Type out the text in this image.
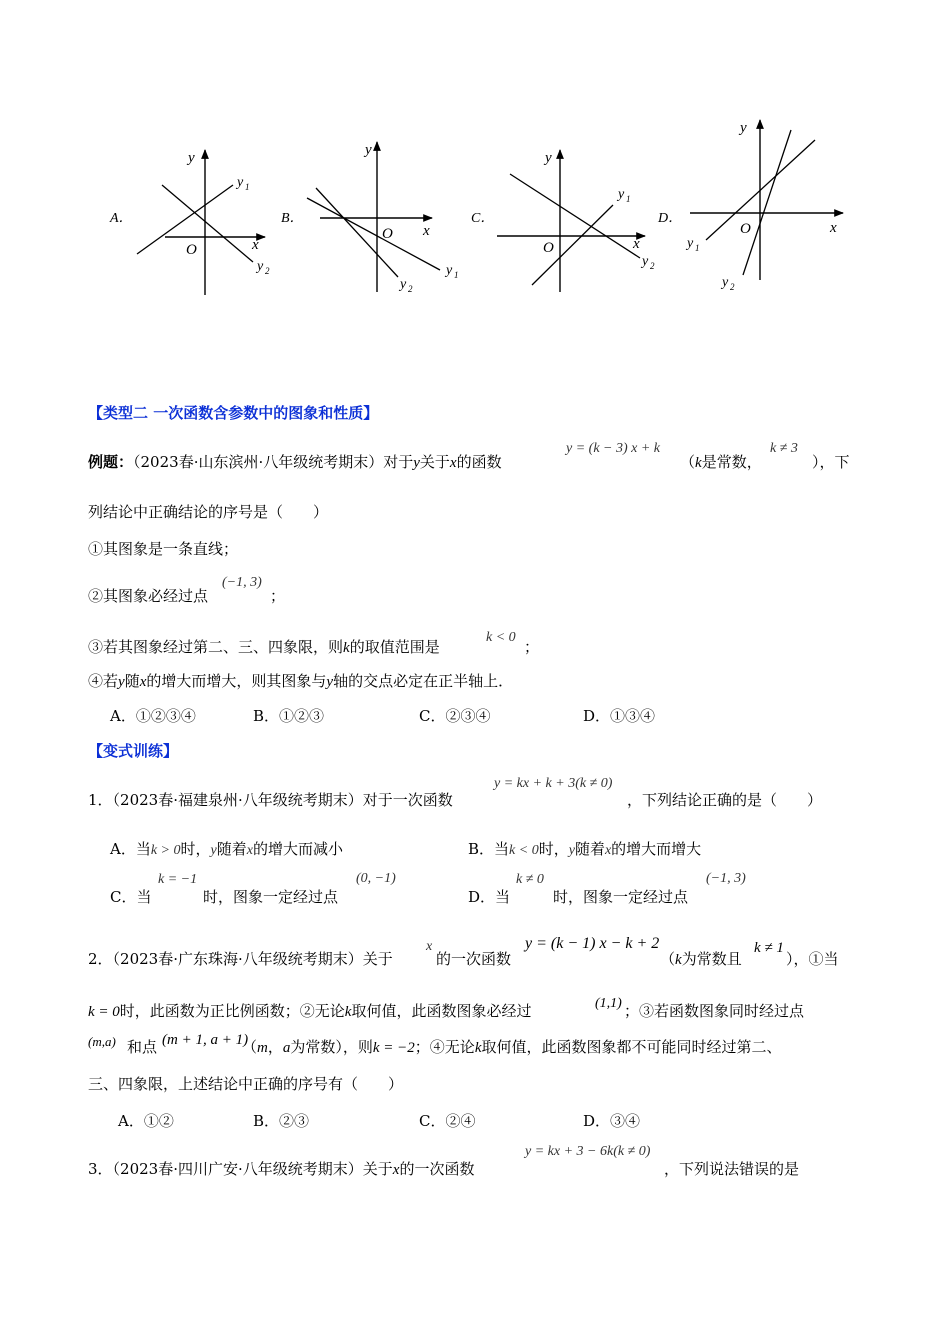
A．
y
O	x
y 1
y 2
B．
y
O x
y 1
y 2
C．
y
O	x
y 1
y 2
D．
y
O	x
y 1
y 2
【类型二 一次函数含参数中的图象和性质】
例题：（2023春·山东滨州·八年级统考期末）对于y关于x的函数
y = (k − 3) x + k
（k是常数，
k ≠ 3
），下
列结论中正确结论的序号是（　　）
①其图象是一条直线；
②其图象必经过点
(−1, 3)
；
③若其图象经过第二、三、四象限，则k的取值范围是
k < 0
；
④若y随x的增大而增大，则其图象与y轴的交点必定在正半轴上．
A．①②③④	B．①②③	C．②③④	D．①③④
【变式训练】
1．（2023春·福建泉州·八年级统考期末）对于一次函数
y = kx + k + 3(k ≠ 0)
，下列结论正确的是（　　）
A．当k > 0时，y随着x的增大而减小	B．当k < 0时，y随着x的增大而增大
C．当
k = −1
时，图象一定经过点
(0, −1)
D．当
k ≠ 0
时，图象一定经过点
(−1, 3)
2．（2023春·广东珠海·八年级统考期末）关于
x
的一次函数
y = (k − 1) x − k + 2
（k为常数且
k ≠ 1
），①当
k = 0时，此函数为正比例函数；②无论k取何值，此函数图象必经过	(1,1) ；③若函数图象同时经过点
(m,a) 和点 (m + 1, a + 1)
（m，a为常数），则k = −2；④无论k取何值，此函数图象都不可能同时经过第二、
三、四象限，上述结论中正确的序号有（　　）
A．①②	B．②③	C．②④	D．③④
3．（2023春·四川广安·八年级统考期末）关于x的一次函数
y = kx + 3 − 6k(k ≠ 0)
，下列说法错误的是
